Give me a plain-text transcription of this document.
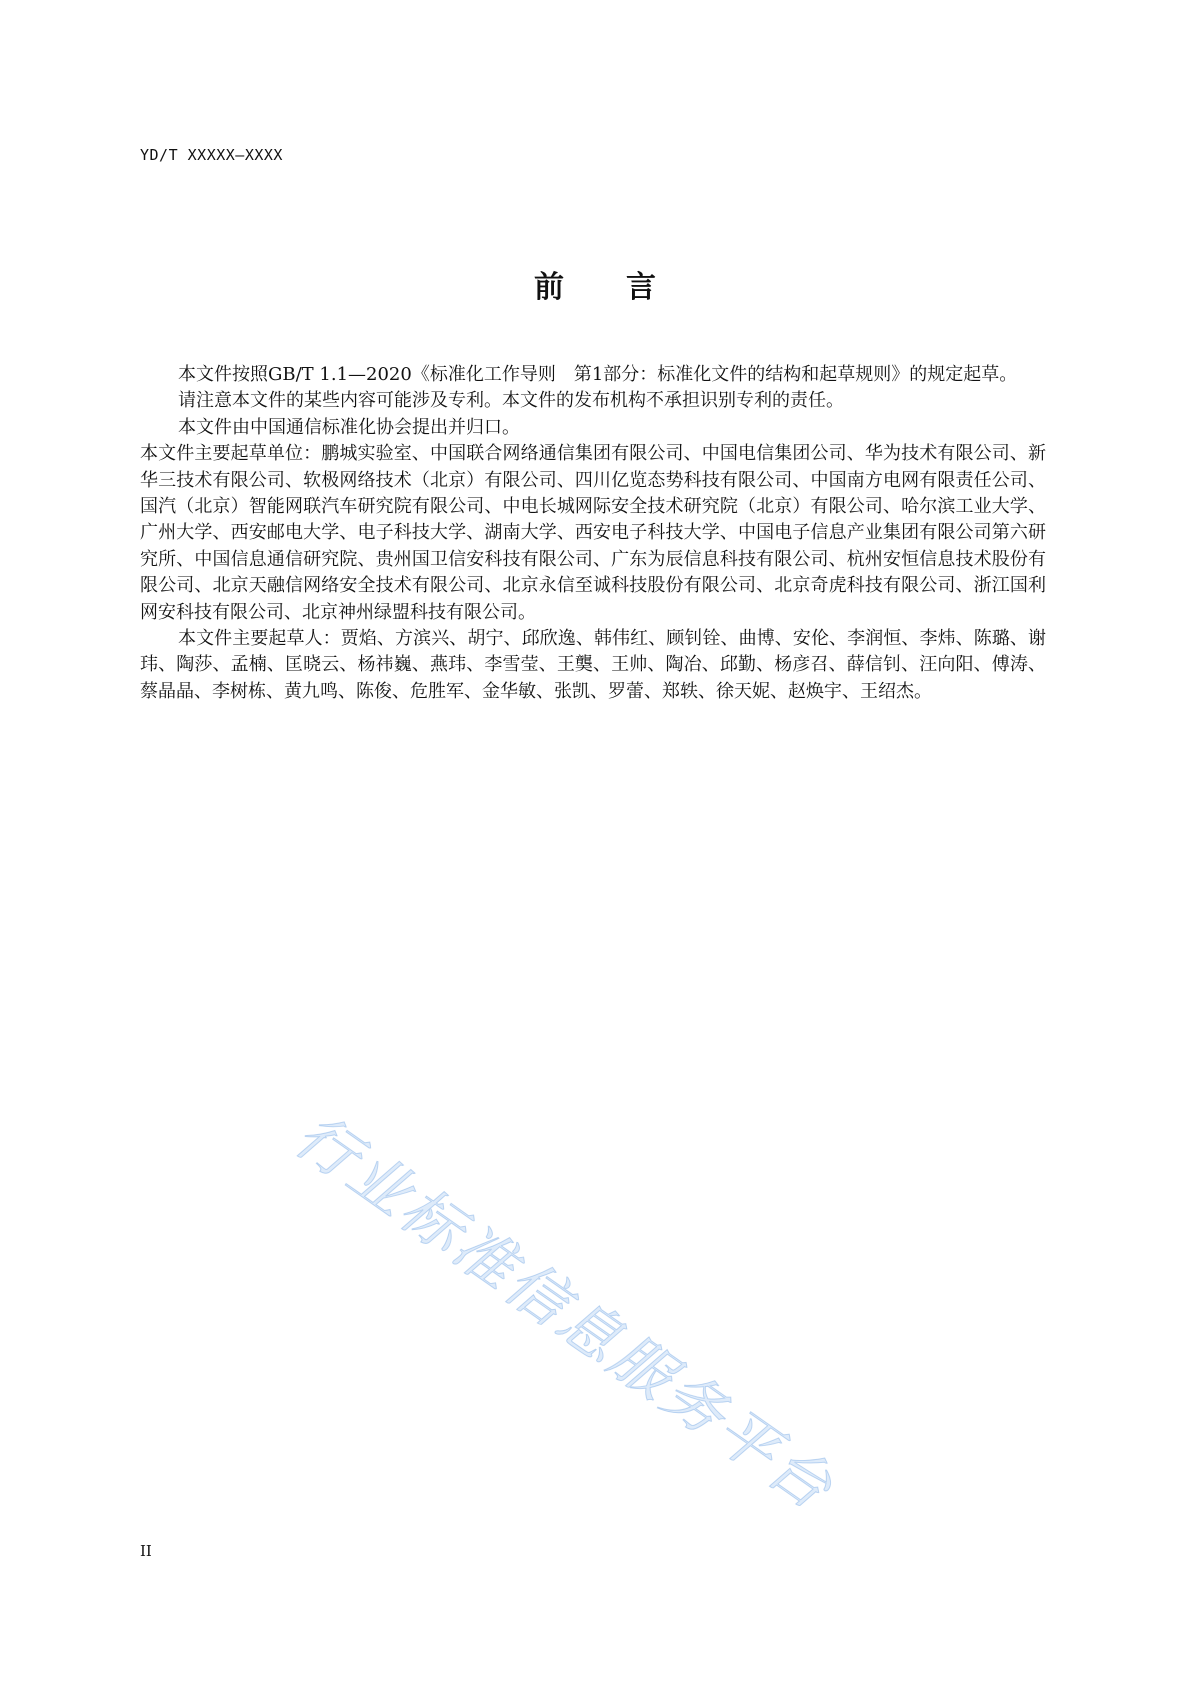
YD/T XXXXX—XXXX
前言

本文件按照GB/T 1.1—2020《标准化工作导则　第1部分：标准化文件的结构和起草规则》的规定起草。

请注意本文件的某些内容可能涉及专利。本文件的发布机构不承担识别专利的责任。

本文件由中国通信标准化协会提出并归口。

本文件主要起草单位：鹏城实验室、中国联合网络通信集团有限公司、中国电信集团公司、华为技术有限公司、新华三技术有限公司、软极网络技术（北京）有限公司、四川亿览态势科技有限公司、中国南方电网有限责任公司、国汽（北京）智能网联汽车研究院有限公司、中电长城网际安全技术研究院（北京）有限公司、哈尔滨工业大学、广州大学、西安邮电大学、电子科技大学、湖南大学、西安电子科技大学、中国电子信息产业集团有限公司第六研究所、中国信息通信研究院、贵州国卫信安科技有限公司、广东为辰信息科技有限公司、杭州安恒信息技术股份有限公司、北京天融信网络安全技术有限公司、北京永信至诚科技股份有限公司、北京奇虎科技有限公司、浙江国利网安科技有限公司、北京神州绿盟科技有限公司。

本文件主要起草人：贾焰、方滨兴、胡宁、邱欣逸、韩伟红、顾钊铨、曲博、安伦、李润恒、李炜、陈璐、谢玮、陶莎、孟楠、匡晓云、杨祎巍、燕玮、李雪莹、王龑、王帅、陶冶、邱勤、杨彦召、薛信钊、汪向阳、傅涛、蔡晶晶、李树栋、黄九鸣、陈俊、危胜军、金华敏、张凯、罗蕾、郑轶、徐天妮、赵焕宇、王绍杰。

行业标准信息服务平台
II
